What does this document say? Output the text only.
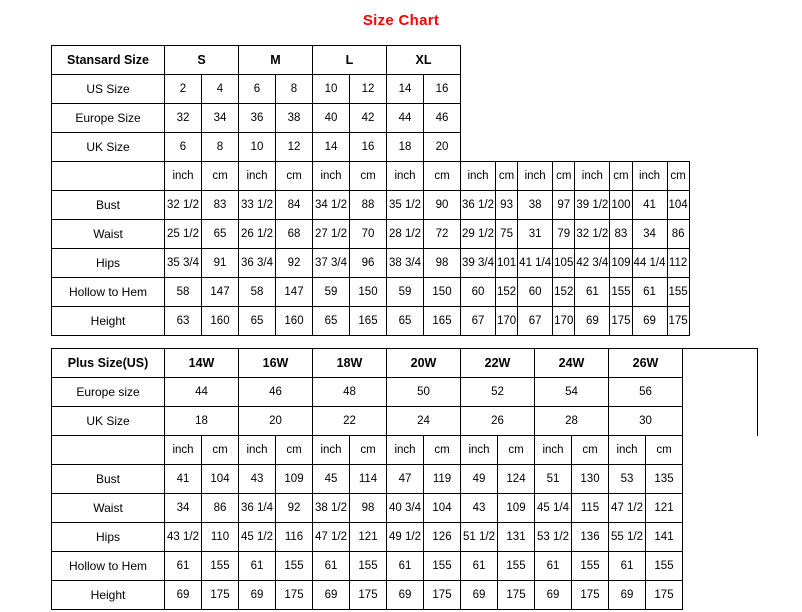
Size Chart
Stansard Size	S		M		L		XL									
US Size	2	4	6	8	10	12	14	16								
Europe Size	32	34	36	38	40	42	44	46								
UK Size	6	8	10	12	14	16	18	20								
	inch	cm	inch	cm	inch	cm	inch	cm	inch	cm	inch	cm	inch	cm	inch	cm
Bust	32 1/2	83	33 1/2	84	34 1/2	88	35 1/2	90	36 1/2	93	38	97	39 1/2	100	41	104
Waist	25 1/2	65	26 1/2	68	27 1/2	70	28 1/2	72	29 1/2	75	31	79	32 1/2	83	34	86
Hips	35 3/4	91	36 3/4	92	37 3/4	96	38 3/4	98	39 3/4	101	41 1/4	105	42 3/4	109	44 1/4	112
Hollow to Hem	58	147	58	147	59	150	59	150	60	152	60	152	61	155	61	155
Height	63	160	65	160	65	165	65	165	67	170	67	170	69	175	69	175
Plus Size(US)	14W		16W		18W		20W		22W		24W		26W		
Europe size	44		46		48		50		52		54		56		
UK Size	18		20		22		24		26		28		30		
	inch	cm	inch	cm	inch	cm	inch	cm	inch	cm	inch	cm	inch	cm	
Bust	41	104	43	109	45	114	47	119	49	124	51	130	53	135	
Waist	34	86	36 1/4	92	38 1/2	98	40 3/4	104	43	109	45 1/4	115	47 1/2	121	
Hips	43 1/2	110	45 1/2	116	47 1/2	121	49 1/2	126	51 1/2	131	53 1/2	136	55 1/2	141	
Hollow to Hem	61	155	61	155	61	155	61	155	61	155	61	155	61	155	
Height	69	175	69	175	69	175	69	175	69	175	69	175	69	175	
